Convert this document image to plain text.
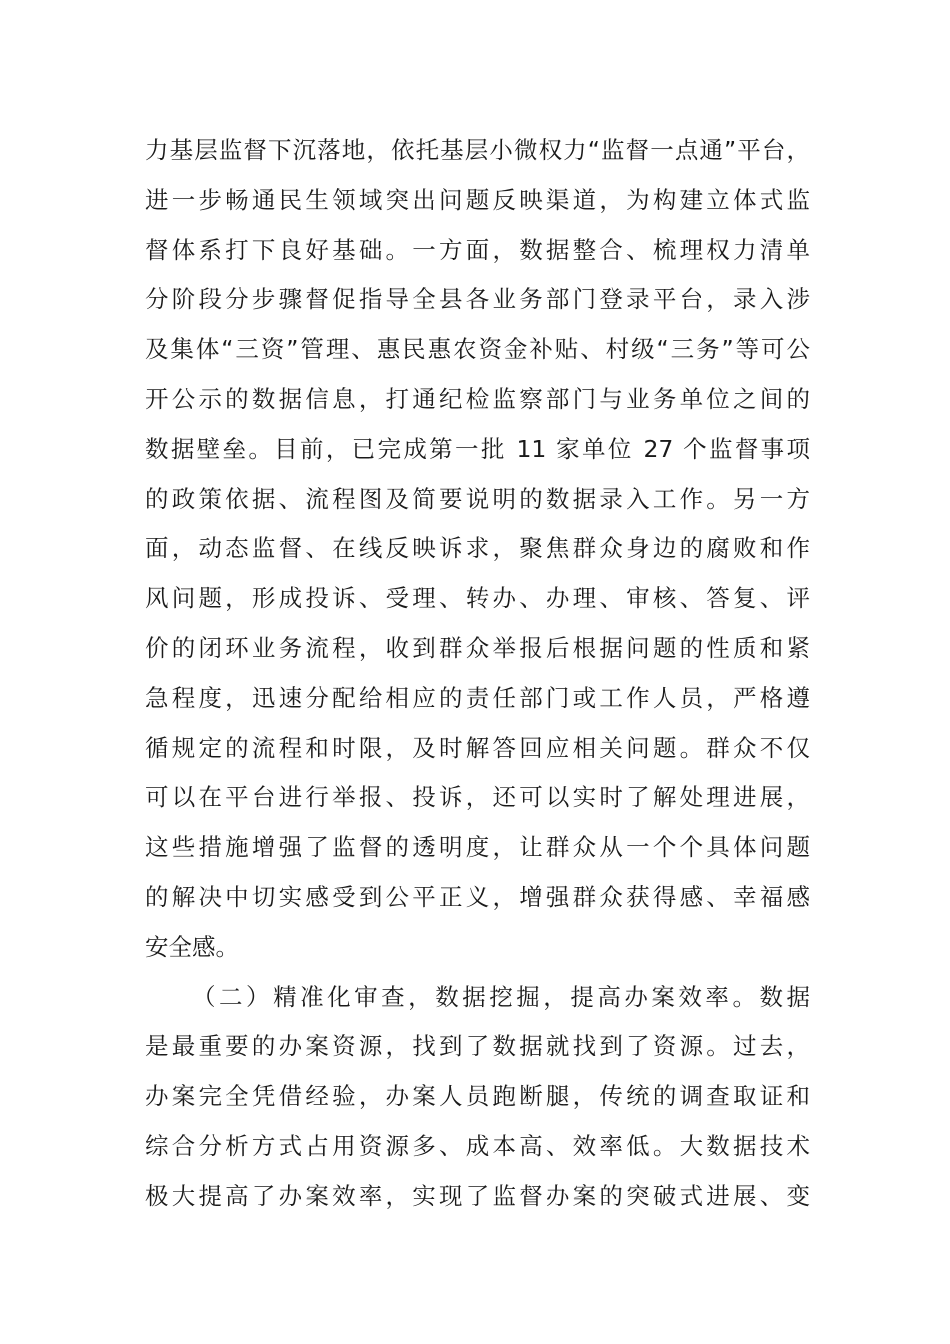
力基层监督下沉落地，依托基层小微权力“监督一点通”平台，
进一步畅通民生领域突出问题反映渠道，为构建立体式监
督体系打下良好基础。一方面，数据整合、梳理权力清单
分阶段分步骤督促指导全县各业务部门登录平台，录入涉
及集体“三资”管理、惠民惠农资金补贴、村级“三务”等可公
开公示的数据信息，打通纪检监察部门与业务单位之间的
数据壁垒。目前，已完成第一批 11 家单位 27 个监督事项
的政策依据、流程图及简要说明的数据录入工作。另一方
面，动态监督、在线反映诉求，聚焦群众身边的腐败和作
风问题，形成投诉、受理、转办、办理、审核、答复、评
价的闭环业务流程，收到群众举报后根据问题的性质和紧
急程度，迅速分配给相应的责任部门或工作人员，严格遵
循规定的流程和时限，及时解答回应相关问题。群众不仅
可以在平台进行举报、投诉，还可以实时了解处理进展，
这些措施增强了监督的透明度，让群众从一个个具体问题
的解决中切实感受到公平正义，增强群众获得感、幸福感
安全感。
（二）精准化审查，数据挖掘，提高办案效率。数据
是最重要的办案资源，找到了数据就找到了资源。过去，
办案完全凭借经验，办案人员跑断腿，传统的调查取证和
综合分析方式占用资源多、成本高、效率低。大数据技术
极大提高了办案效率，实现了监督办案的突破式进展、变
